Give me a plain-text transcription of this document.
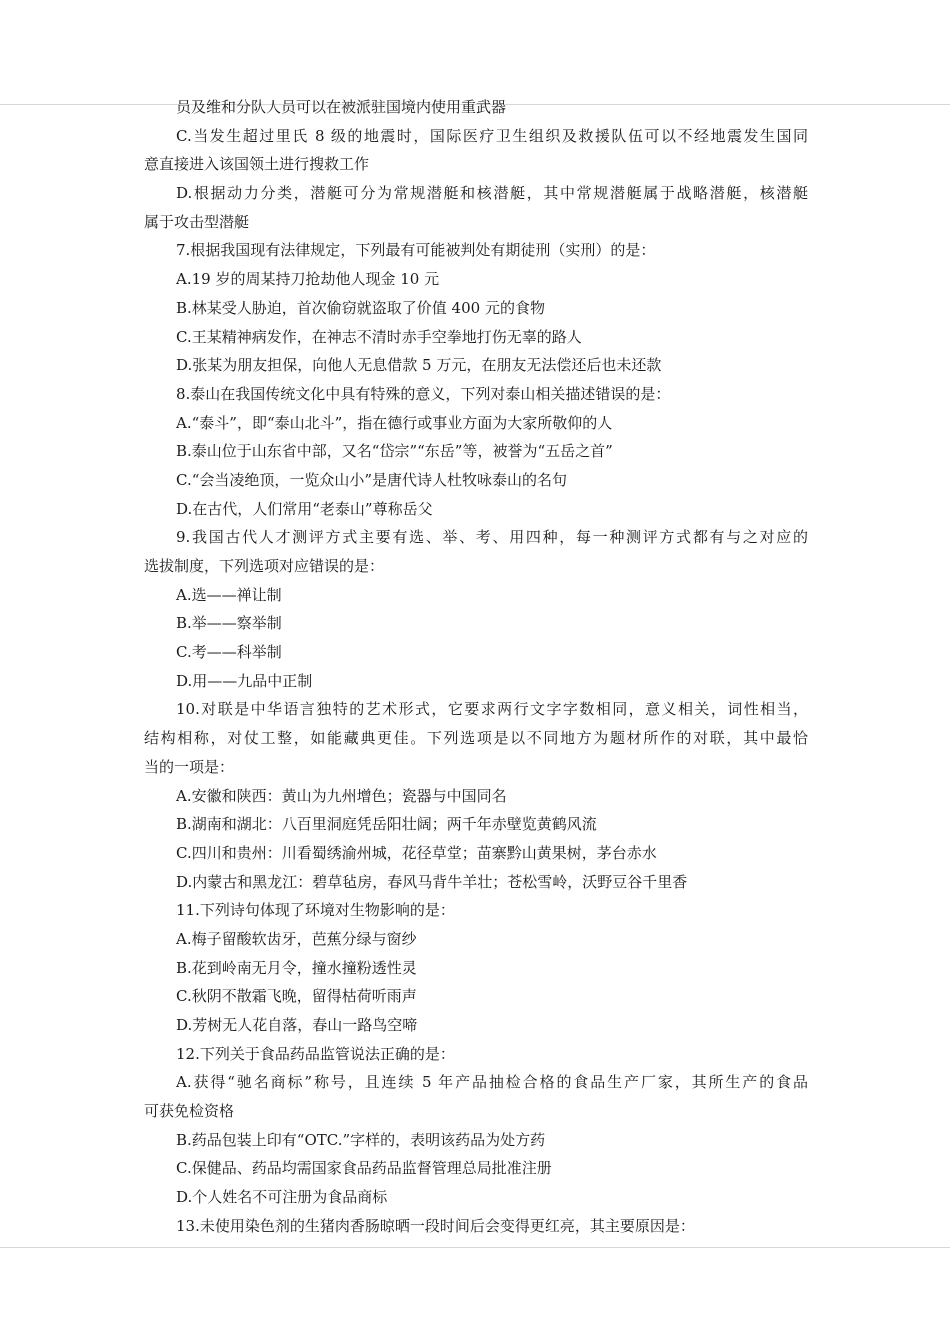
员及维和分队人员可以在被派驻国境内使用重武器
C.当发生超过里氏 8 级的地震时，国际医疗卫生组织及救援队伍可以不经地震发生国同
意直接进入该国领土进行搜救工作
D.根据动力分类，潜艇可分为常规潜艇和核潜艇，其中常规潜艇属于战略潜艇，核潜艇
属于攻击型潜艇
7.根据我国现有法律规定，下列最有可能被判处有期徒刑（实刑）的是：
A.19 岁的周某持刀抢劫他人现金 10 元
B.林某受人胁迫，首次偷窃就盗取了价值 400 元的食物
C.王某精神病发作，在神志不清时赤手空拳地打伤无辜的路人
D.张某为朋友担保，向他人无息借款 5 万元，在朋友无法偿还后也未还款
8.泰山在我国传统文化中具有特殊的意义，下列对泰山相关描述错误的是：
A.“泰斗”，即“泰山北斗”，指在德行或事业方面为大家所敬仰的人
B.泰山位于山东省中部，又名“岱宗”“东岳”等，被誉为“五岳之首”
C.“会当凌绝顶，一览众山小”是唐代诗人杜牧咏泰山的名句
D.在古代，人们常用“老泰山”尊称岳父
9.我国古代人才测评方式主要有选、举、考、用四种，每一种测评方式都有与之对应的
选拔制度，下列选项对应错误的是：
A.选——禅让制
B.举——察举制
C.考——科举制
D.用——九品中正制
10.对联是中华语言独特的艺术形式，它要求两行文字字数相同，意义相关，词性相当，
结构相称，对仗工整，如能藏典更佳。下列选项是以不同地方为题材所作的对联，其中最恰
当的一项是：
A.安徽和陕西：黄山为九州增色；瓷器与中国同名
B.湖南和湖北：八百里洞庭凭岳阳壮阔；两千年赤壁览黄鹤风流
C.四川和贵州：川看蜀绣渝州城，花径草堂；苗寨黔山黄果树，茅台赤水
D.内蒙古和黑龙江：碧草毡房，春风马背牛羊壮；苍松雪岭，沃野豆谷千里香
11.下列诗句体现了环境对生物影响的是：
A.梅子留酸软齿牙，芭蕉分绿与窗纱
B.花到岭南无月令，撞水撞粉透性灵
C.秋阴不散霜飞晚，留得枯荷听雨声
D.芳树无人花自落，春山一路鸟空啼
12.下列关于食品药品监管说法正确的是：
A.获得“驰名商标”称号，且连续 5 年产品抽检合格的食品生产厂家，其所生产的食品
可获免检资格
B.药品包装上印有“OTC.”字样的，表明该药品为处方药
C.保健品、药品均需国家食品药品监督管理总局批准注册
D.个人姓名不可注册为食品商标
13.未使用染色剂的生猪肉香肠晾晒一段时间后会变得更红亮，其主要原因是：
